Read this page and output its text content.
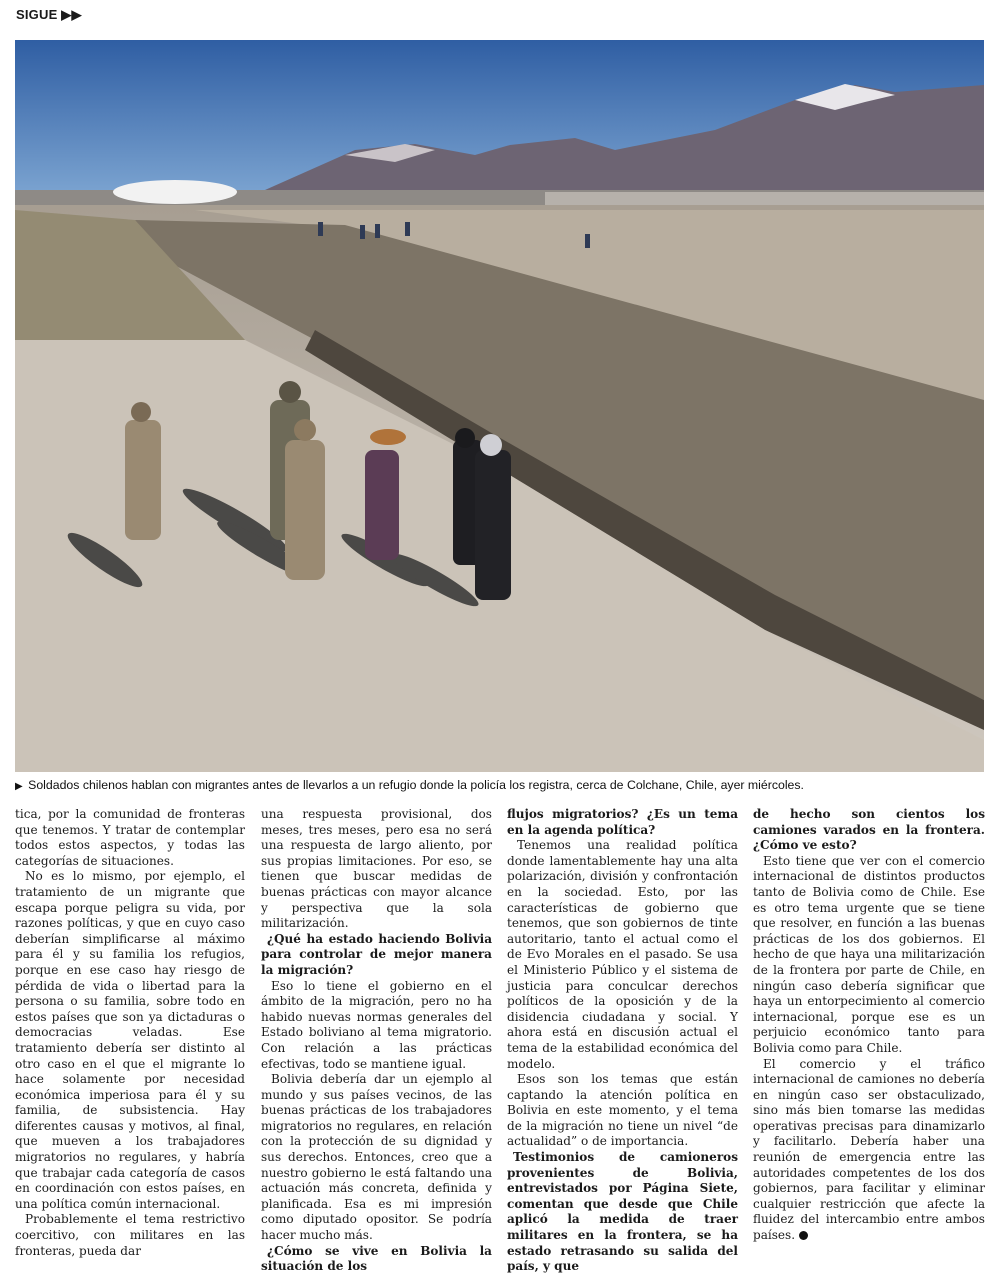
SIGUE ▶▶
▶ Soldados chilenos hablan con migrantes antes de llevarlos a un refugio donde la policía los registra, cerca de Colchane, Chile, ayer miércoles.

tica, por la comunidad de fronteras que tenemos. Y tratar de contemplar todos estos aspectos, y todas las categorías de situaciones.

No es lo mismo, por ejemplo, el tratamiento de un migrante que escapa porque peligra su vida, por razones políticas, y que en cuyo caso deberían simplificarse al máximo para él y su familia los refugios, porque en ese caso hay riesgo de pérdida de vida o libertad para la persona o su familia, sobre todo en estos países que son ya dictaduras o democracias veladas. Ese tratamiento debería ser distinto al otro caso en el que el migrante lo hace solamente por necesidad económica imperiosa para él y su familia, de subsistencia. Hay diferentes causas y motivos, al final, que mueven a los trabajadores migratorios no regulares, y habría que trabajar cada categoría de casos en coordinación con estos países, en una política común internacional.

Probablemente el tema restrictivo coercitivo, con militares en las fronteras, pueda dar

una respuesta provisional, dos meses, tres meses, pero esa no será una respuesta de largo aliento, por sus propias limitaciones. Por eso, se tienen que buscar medidas de buenas prácticas con mayor alcance y perspectiva que la sola militarización.

¿Qué ha estado haciendo Bolivia para controlar de mejor manera la migración?

Eso lo tiene el gobierno en el ámbito de la migración, pero no ha habido nuevas normas generales del Estado boliviano al tema migratorio. Con relación a las prácticas efectivas, todo se mantiene igual.

Bolivia debería dar un ejemplo al mundo y sus países vecinos, de las buenas prácticas de los trabajadores migratorios no regulares, en relación con la protección de su dignidad y sus derechos. Entonces, creo que a nuestro gobierno le está faltando una actuación más concreta, definida y planificada. Esa es mi impresión como diputado opositor. Se podría hacer mucho más.

¿Cómo se vive en Bolivia la situación de los

flujos migratorios? ¿Es un tema en la agenda política?

Tenemos una realidad política donde lamentablemente hay una alta polarización, división y confrontación en la sociedad. Esto, por las características de gobierno que tenemos, que son gobiernos de tinte autoritario, tanto el actual como el de Evo Morales en el pasado. Se usa el Ministerio Público y el sistema de justicia para conculcar derechos políticos de la oposición y de la disidencia ciudadana y social. Y ahora está en discusión actual el tema de la estabilidad económica del modelo.

Esos son los temas que están captando la atención política en Bolivia en este momento, y el tema de la migración no tiene un nivel “de actualidad” o de importancia.

Testimonios de camioneros provenientes de Bolivia, entrevistados por Página Siete, comentan que desde que Chile aplicó la medida de traer militares en la frontera, se ha estado retrasando su salida del país, y que

de hecho son cientos los camiones varados en la frontera. ¿Cómo ve esto?

Esto tiene que ver con el comercio internacional de distintos productos tanto de Bolivia como de Chile. Ese es otro tema urgente que se tiene que resolver, en función a las buenas prácticas de los dos gobiernos. El hecho de que haya una militarización de la frontera por parte de Chile, en ningún caso debería significar que haya un entorpecimiento al comercio internacional, porque ese es un perjuicio económico tanto para Bolivia como para Chile.

El comercio y el tráfico internacional de camiones no debería en ningún caso ser obstaculizado, sino más bien tomarse las medidas operativas precisas para dinamizarlo y facilitarlo. Debería haber una reunión de emergencia entre las autoridades competentes de los dos gobiernos, para facilitar y eliminar cualquier restricción que afecte la fluidez del intercambio entre ambos países.
